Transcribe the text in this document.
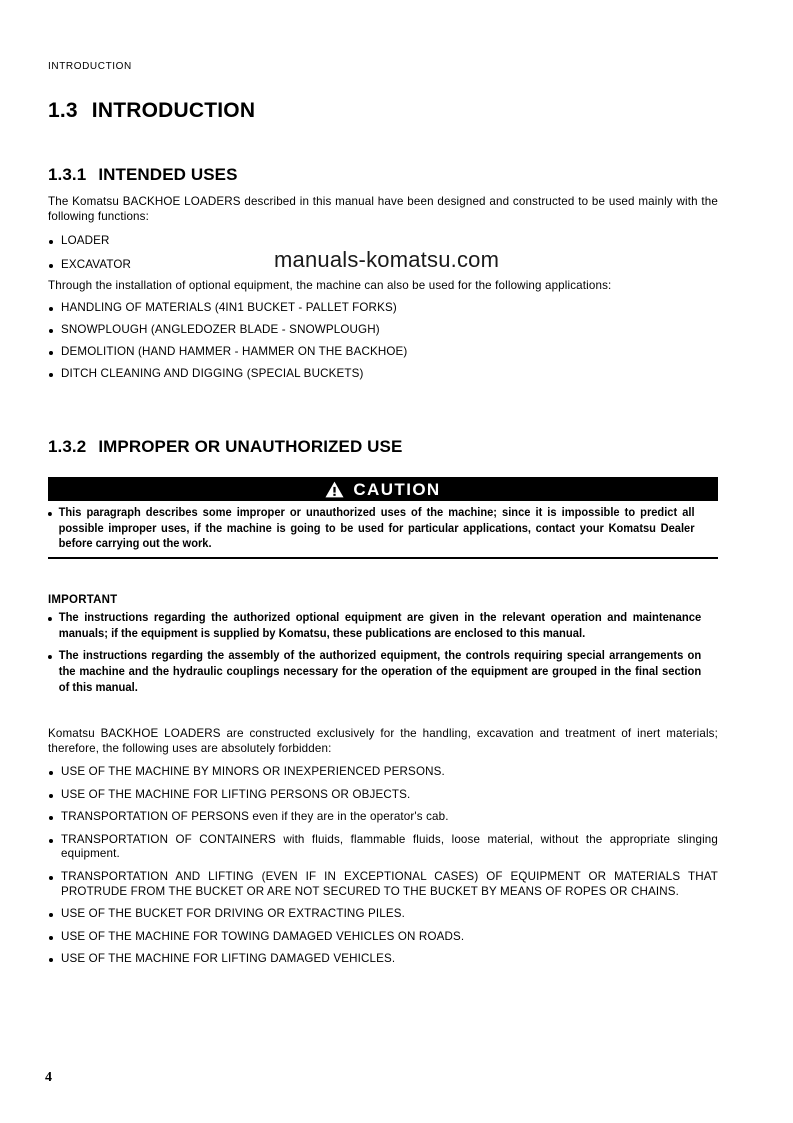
INTRODUCTION
1.3 INTRODUCTION
1.3.1 INTENDED USES
The Komatsu BACKHOE LOADERS described in this manual have been designed and constructed to be used mainly with the following functions:
LOADER
EXCAVATOR	manuals-komatsu.com
Through the installation of optional equipment, the machine can also be used for the following applications:
HANDLING OF MATERIALS (4IN1 BUCKET - PALLET FORKS)
SNOWPLOUGH (ANGLEDOZER BLADE - SNOWPLOUGH)
DEMOLITION (HAND HAMMER - HAMMER ON THE BACKHOE)
DITCH CLEANING AND DIGGING (SPECIAL BUCKETS)
1.3.2 IMPROPER OR UNAUTHORIZED USE
CAUTION
This paragraph describes some improper or unauthorized uses of the machine; since it is impossible to predict all possible improper uses, if the machine is going to be used for particular applications, contact your Komatsu Dealer before carrying out the work.
IMPORTANT
The instructions regarding the authorized optional equipment are given in the relevant operation and maintenance manuals; if the equipment is supplied by Komatsu, these publications are enclosed to this manual.
The instructions regarding the assembly of the authorized equipment, the controls requiring special arrangements on the machine and the hydraulic couplings necessary for the operation of the equipment are grouped in the final section of this manual.
Komatsu BACKHOE LOADERS are constructed exclusively for the handling, excavation and treatment of inert materials; therefore, the following uses are absolutely forbidden:
USE OF THE MACHINE BY MINORS OR INEXPERIENCED PERSONS.
USE OF THE MACHINE FOR LIFTING PERSONS OR OBJECTS.
TRANSPORTATION OF PERSONS even if they are in the operator's cab.
TRANSPORTATION OF CONTAINERS with fluids, flammable fluids, loose material, without the appropriate slinging equipment.
TRANSPORTATION AND LIFTING (EVEN IF IN EXCEPTIONAL CASES) OF EQUIPMENT OR MATERIALS THAT PROTRUDE FROM THE BUCKET OR ARE NOT SECURED TO THE BUCKET BY MEANS OF ROPES OR CHAINS.
USE OF THE BUCKET FOR DRIVING OR EXTRACTING PILES.
USE OF THE MACHINE FOR TOWING DAMAGED VEHICLES ON ROADS.
USE OF THE MACHINE FOR LIFTING DAMAGED VEHICLES.
4
